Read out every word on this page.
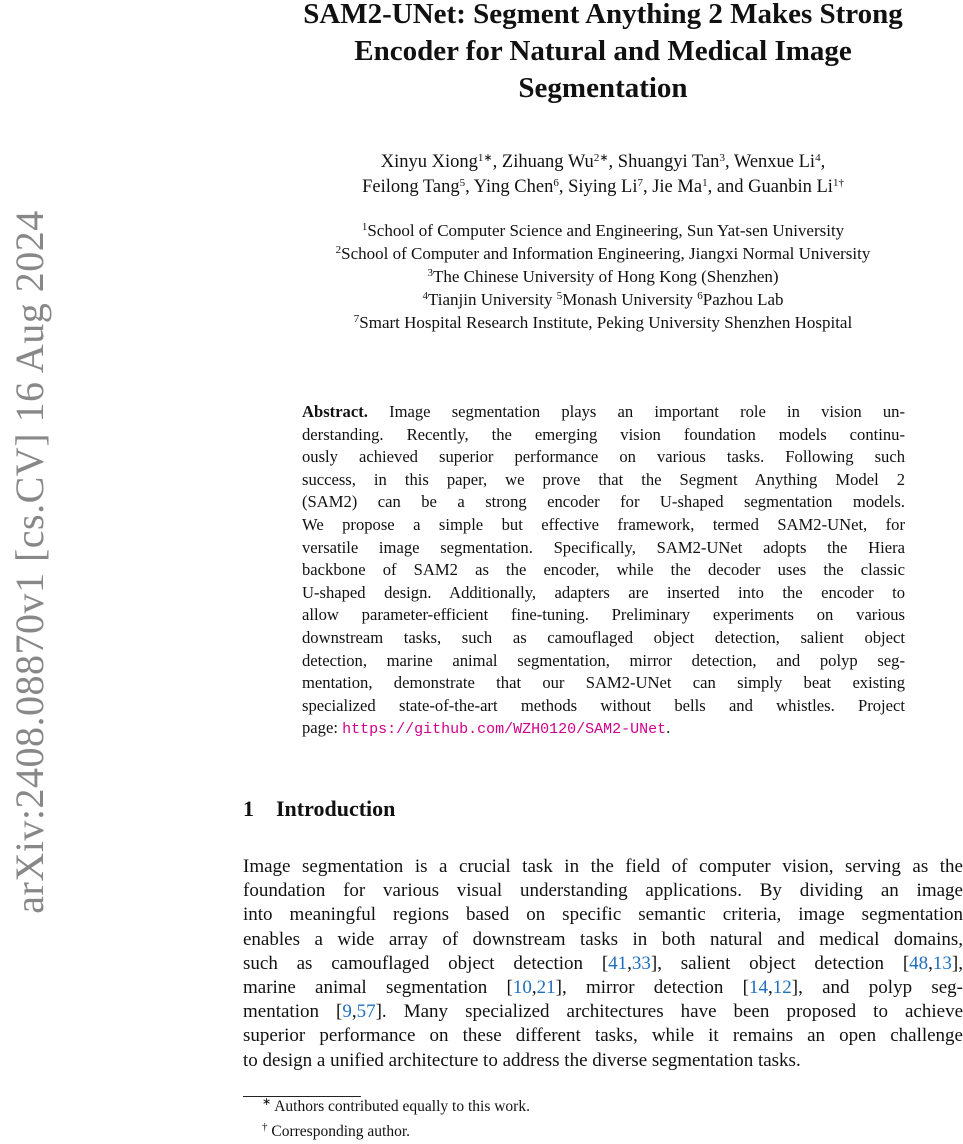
arXiv:2408.08870v1 [cs.CV] 16 Aug 2024
SAM2-UNet: Segment Anything 2 Makes Strong
Encoder for Natural and Medical Image
Segmentation
Xinyu Xiong$^{1∗}$, Zihuang $Wu^{2∗}$, Shuangyi Tan$^3$, Wenxue Li$^4$,
Feilong Tang$^5$, Ying Chen$^6$, Siying Li$^7$, Jie Ma$^1$, and Guanbin $Li^{1\dagger}$
$^1$School of Computer Science and Engineering, Sun Yat-sen University
$^2$School of Computer and Information Engineering, Jiangxi Normal University
$^3$The Chinese University of Hong Kong (Shenzhen)
$^4$Tianjin University $^5$Monash University $^6$Pazhou Lab
$^7$Smart Hospital Research Institute, Peking University Shenzhen Hospital
Abstract. Image segmentation plays an important role in vision un-
derstanding. Recently, the emerging vision foundation models continu-
ously achieved superior performance on various tasks. Following such
success, in this paper, we prove that the Segment Anything Model 2
(SAM2) can be a strong encoder for U-shaped segmentation models.
We propose a simple but effective framework, termed SAM2-UNet, for
versatile image segmentation. Specifically, SAM2-UNet adopts the Hiera
backbone of SAM2 as the encoder, while the decoder uses the classic
U-shaped design. Additionally, adapters are inserted into the encoder to
allow parameter-efficient fine-tuning. Preliminary experiments on various
downstream tasks, such as camouflaged object detection, salient object
detection, marine animal segmentation, mirror detection, and polyp seg-
mentation, demonstrate that our SAM2-UNet can simply beat existing
specialized state-of-the-art methods without bells and whistles. Project
page: https://github.com/WZH0120/SAM2-UNet.
1 Introduction
Image segmentation is a crucial task in the field of computer vision, serving as the
foundation for various visual understanding applications. By dividing an image
into meaningful regions based on specific semantic criteria, image segmentation
enables a wide array of downstream tasks in both natural and medical domains,
such as camouflaged object detection [41,33], salient object detection [48,13],
marine animal segmentation [10,21], mirror detection [14,12], and polyp seg-
mentation [9,57]. Many specialized architectures have been proposed to achieve
superior performance on these different tasks, while it remains an open challenge
to design a unified architecture to address the diverse segmentation tasks.
∗ Authors contributed equally to this work.
† Corresponding author.
